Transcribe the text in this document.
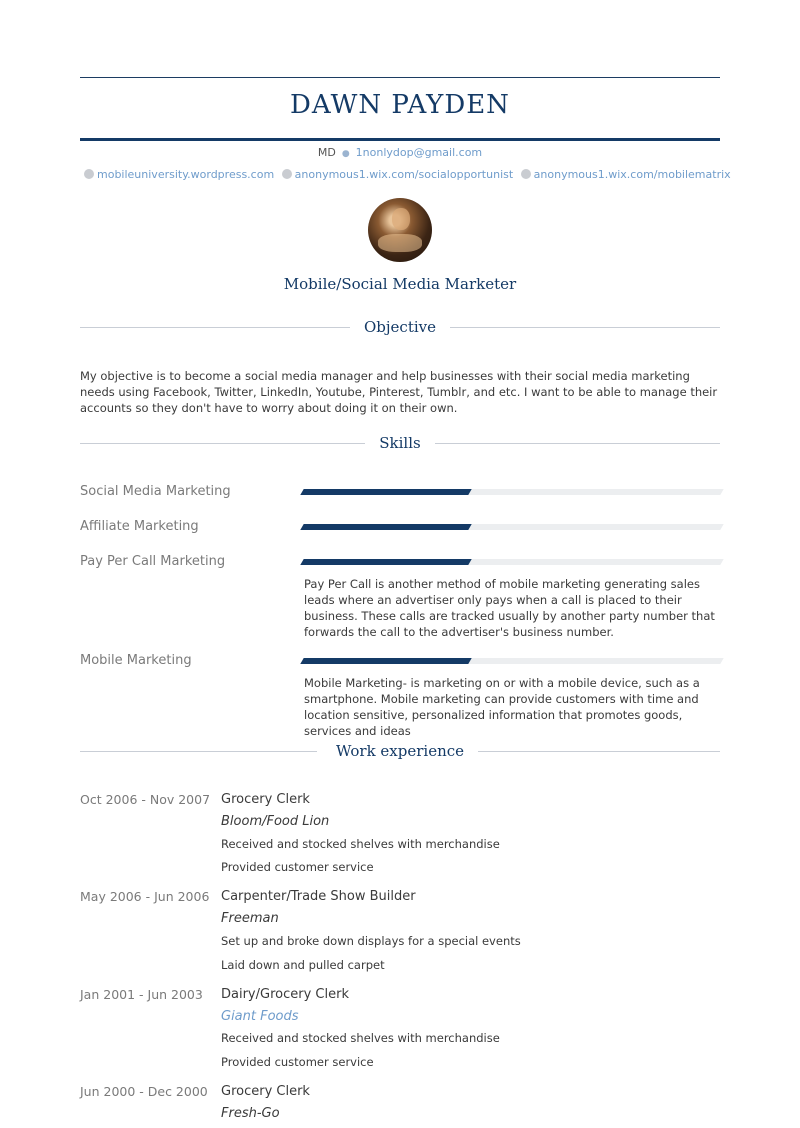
DAWN PAYDEN
MD ● 1nonlydop@gmail.com
mobileuniversity.wordpress.com anonymous1.wix.com/socialopportunist anonymous1.wix.com/mobilematrix
Mobile/Social Media Marketer
Objective
My objective is to become a social media manager and help businesses with their social media marketing needs using Facebook, Twitter, LinkedIn, Youtube, Pinterest, Tumblr, and etc. I want to be able to manage their accounts so they don't have to worry about doing it on their own.
Skills
Social Media Marketing
Affiliate Marketing
Pay Per Call Marketing
Pay Per Call is another method of mobile marketing generating sales leads where an advertiser only pays when a call is placed to their business. These calls are tracked usually by another party number that forwards the call to the advertiser's business number.
Mobile Marketing
Mobile Marketing- is marketing on or with a mobile device, such as a smartphone. Mobile marketing can provide customers with time and location sensitive, personalized information that promotes goods, services and ideas
Work experience
Oct 2006 - Nov 2007 Grocery Clerk
Bloom/Food Lion
Received and stocked shelves with merchandise
Provided customer service
May 2006 - Jun 2006 Carpenter/Trade Show Builder
Freeman
Set up and broke down displays for a special events
Laid down and pulled carpet
Jan 2001 - Jun 2003 Dairy/Grocery Clerk
Giant Foods
Received and stocked shelves with merchandise
Provided customer service
Jun 2000 - Dec 2000 Grocery Clerk
Fresh-Go
